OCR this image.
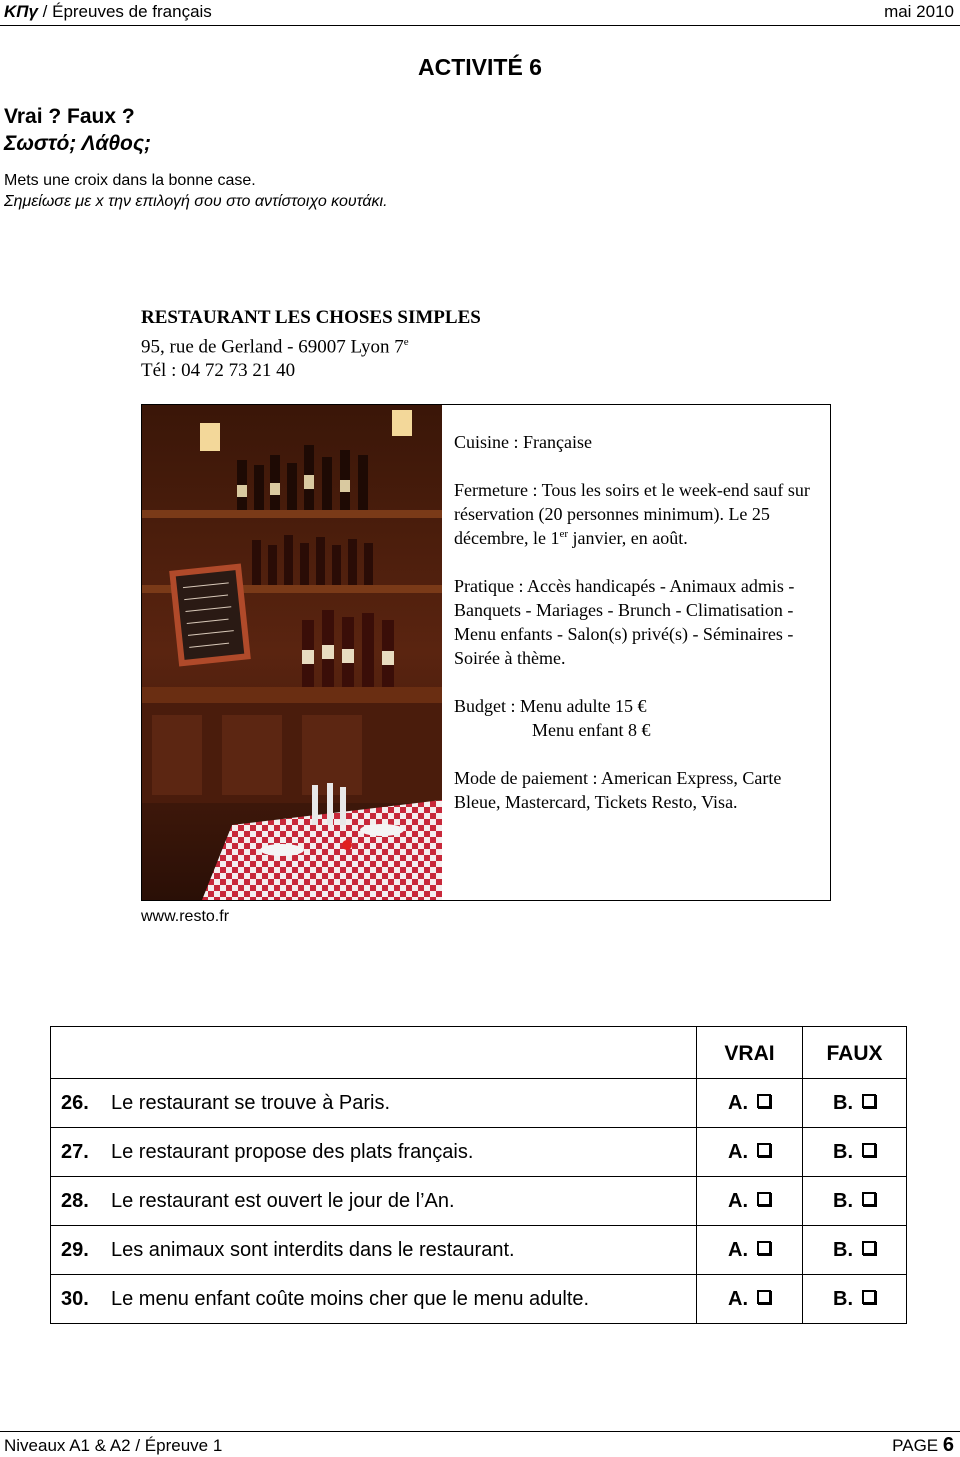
ΚΠγ / Épreuves de français	mai 2010
ACTIVITÉ 6
Vrai ? Faux ?
Σωστό; Λάθος;
Mets une croix dans la bonne case.
Σημείωσε με x την επιλογή σου στο αντίστοιχο κουτάκι.
RESTAURANT LES CHOSES SIMPLES
95, rue de Gerland - 69007 Lyon 7e
Tél : 04 72 73 21 40

Cuisine : Française

Fermeture : Tous les soirs et le week-end sauf sur réservation (20 personnes minimum). Le 25 décembre, le 1er janvier, en août.

Pratique : Accès handicapés - Animaux admis - Banquets - Mariages - Brunch - Climatisation - Menu enfants - Salon(s) privé(s) - Séminaires - Soirée à thème.

Budget : Menu adulte 15 €

Menu enfant 8 €

Mode de paiement : American Express, Carte Bleue, Mastercard, Tickets Resto, Visa.

www.resto.fr
	VRAI	FAUX
26. Le restaurant se trouve à Paris.	A.	B.
27. Le restaurant propose des plats français.	A.	B.
28. Le restaurant est ouvert le jour de l’An.	A.	B.
29. Les animaux sont interdits dans le restaurant.	A.	B.
30. Le menu enfant coûte moins cher que le menu adulte.	A.	B.
Niveaux A1 & A2 / Épreuve 1	PAGE 6
